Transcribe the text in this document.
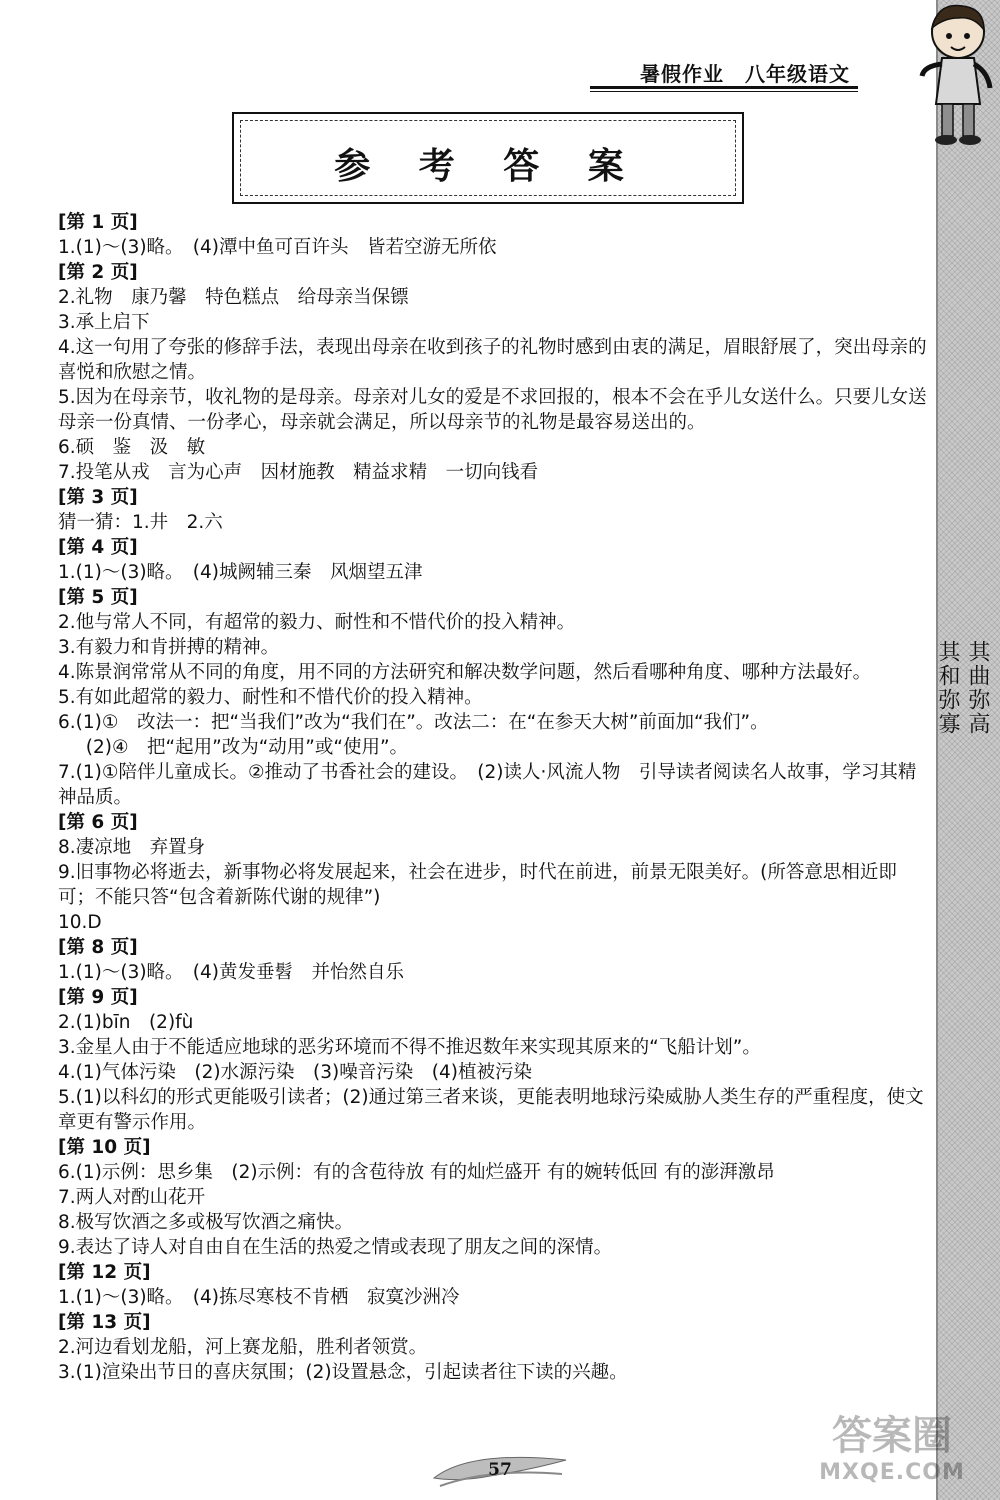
暑假作业　八年级语文
参 考 答 案
[第 1 页]
1.(1)～(3)略。　(4)潭中鱼可百许头　皆若空游无所依
[第 2 页]
2.礼物　康乃馨　特色糕点　给母亲当保镖
3.承上启下
4.这一句用了夸张的修辞手法，表现出母亲在收到孩子的礼物时感到由衷的满足，眉眼舒展了，突出母亲的喜悦和欣慰之情。
5.因为在母亲节，收礼物的是母亲。母亲对儿女的爱是不求回报的，根本不会在乎儿女送什么。只要儿女送母亲一份真情、一份孝心，母亲就会满足，所以母亲节的礼物是最容易送出的。
6.硕　鉴　汲　敏
7.投笔从戎　言为心声　因材施教　精益求精　一切向钱看
[第 3 页]
猜一猜：1.井　2.六
[第 4 页]
1.(1)～(3)略。　(4)城阙辅三秦　风烟望五津
[第 5 页]
2.他与常人不同，有超常的毅力、耐性和不惜代价的投入精神。
3.有毅力和肯拼搏的精神。
4.陈景润常常从不同的角度，用不同的方法研究和解决数学问题，然后看哪种角度、哪种方法最好。
5.有如此超常的毅力、耐性和不惜代价的投入精神。
6.(1)①　改法一：把“当我们”改为“我们在”。改法二：在“在参天大树”前面加“我们”。
(2)④　把“起用”改为“动用”或“使用”。
7.(1)①陪伴儿童成长。②推动了书香社会的建设。　(2)读人·风流人物　引导读者阅读名人故事，学习其精神品质。
[第 6 页]
8.凄凉地　弃置身
9.旧事物必将逝去，新事物必将发展起来，社会在进步，时代在前进，前景无限美好。(所答意思相近即可；不能只答“包含着新陈代谢的规律”)
10.D
[第 8 页]
1.(1)～(3)略。　(4)黄发垂髫　并怡然自乐
[第 9 页]
2.(1)bīn　(2)fù
3.金星人由于不能适应地球的恶劣环境而不得不推迟数年来实现其原来的“飞船计划”。
4.(1)气体污染　(2)水源污染　(3)噪音污染　(4)植被污染
5.(1)以科幻的形式更能吸引读者；(2)通过第三者来谈，更能表明地球污染威胁人类生存的严重程度，使文章更有警示作用。
[第 10 页]
6.(1)示例：思乡集　(2)示例：有的含苞待放 有的灿烂盛开 有的婉转低回 有的澎湃激昂
7.两人对酌山花开
8.极写饮酒之多或极写饮酒之痛快。
9.表达了诗人对自由自在生活的热爱之情或表现了朋友之间的深情。
[第 12 页]
1.(1)～(3)略。　(4)拣尽寒枝不肯栖　寂寞沙洲冷
[第 13 页]
2.河边看划龙船，河上赛龙船，胜利者领赏。
3.(1)渲染出节日的喜庆氛围；(2)设置悬念，引起读者往下读的兴趣。
其曲弥高
其和弥寡
57
答案圈
MXQE.COM
